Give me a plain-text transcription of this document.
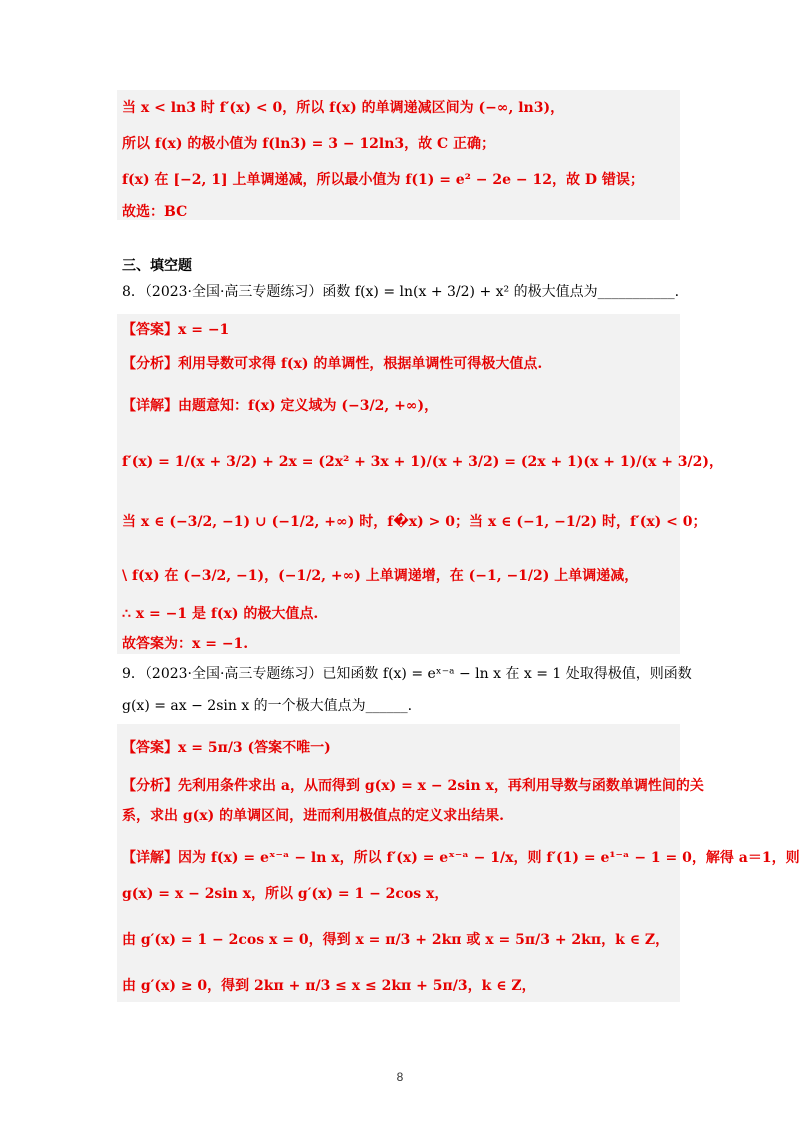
当 x < ln3 时 f′(x) < 0，所以 f(x) 的单调递减区间为 (−∞, ln3)，
所以 f(x) 的极小值为 f(ln3) = 3 − 12ln3，故 C 正确；
f(x) 在 [−2, 1] 上单调递减，所以最小值为 f(1) = e² − 2e − 12，故 D 错误；
故选：BC
三、填空题
8．（2023·全国·高三专题练习）函数 f(x) = ln(x + 3/2) + x² 的极大值点为___________.
【答案】x = −1
【分析】利用导数可求得 f(x) 的单调性，根据单调性可得极大值点.
【详解】由题意知：f(x) 定义域为 (−3/2, +∞)，
f′(x) = 1/(x + 3/2) + 2x = (2x² + 3x + 1)/(x + 3/2) = (2x + 1)(x + 1)/(x + 3/2)，
当 x ∈ (−3/2, −1) ∪ (−1/2, +∞) 时，f�x) > 0；当 x ∈ (−1, −1/2) 时，f′(x) < 0；
\ f(x) 在 (−3/2, −1)，(−1/2, +∞) 上单调递增，在 (−1, −1/2) 上单调递减，
∴ x = −1 是 f(x) 的极大值点.
故答案为：x = −1.
9．（2023·全国·高三专题练习）已知函数 f(x) = eˣ⁻ᵃ − ln x 在 x = 1 处取得极值，则函数
g(x) = ax − 2sin x 的一个极大值点为______.
【答案】x = 5π/3 (答案不唯一)
【分析】先利用条件求出 a，从而得到 g(x) = x − 2sin x，再利用导数与函数单调性间的关
系，求出 g(x) 的单调区间，进而利用极值点的定义求出结果.
【详解】因为 f(x) = eˣ⁻ᵃ − ln x，所以 f′(x) = eˣ⁻ᵃ − 1/x，则 f′(1) = e¹⁻ᵃ − 1 = 0，解得 a＝1，则
g(x) = x − 2sin x，所以 g′(x) = 1 − 2cos x，
由 g′(x) = 1 − 2cos x = 0，得到 x = π/3 + 2kπ 或 x = 5π/3 + 2kπ，k ∈ Z，
由 g′(x) ≥ 0，得到 2kπ + π/3 ≤ x ≤ 2kπ + 5π/3，k ∈ Z，
8
